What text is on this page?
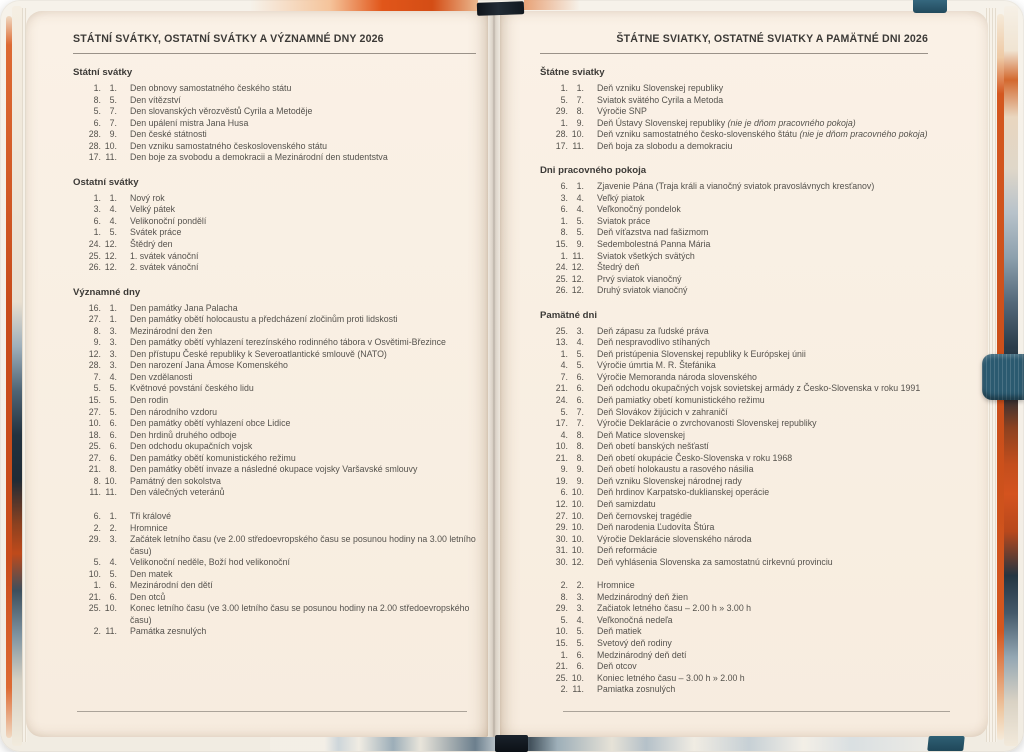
STÁTNÍ SVÁTKY, OSTATNÍ SVÁTKY A VÝZNAMNÉ DNY 2026
Státní svátky
1. 1.	Den obnovy samostatného českého státu
8. 5.	Den vítězství
5. 7.	Den slovanských věrozvěstů Cyrila a Metoděje
6. 7.	Den upálení mistra Jana Husa
28. 9.	Den české státnosti
28. 10.	Den vzniku samostatného československého státu
17. 11.	Den boje za svobodu a demokracii a Mezinárodní den studentstva
Ostatní svátky
1. 1.	Nový rok
3. 4.	Velký pátek
6. 4.	Velikonoční pondělí
1. 5.	Svátek práce
24. 12.	Štědrý den
25. 12.	1. svátek vánoční
26. 12.	2. svátek vánoční
Významné dny
16. 1.	Den památky Jana Palacha
27. 1.	Den památky obětí holocaustu a předcházení zločinům proti lidskosti
8. 3.	Mezinárodní den žen
9. 3.	Den památky obětí vyhlazení terezínského rodinného tábora v Osvětimi-Březince
12. 3.	Den přístupu České republiky k Severoatlantické smlouvě (NATO)
28. 3.	Den narození Jana Ámose Komenského
7. 4.	Den vzdělanosti
5. 5.	Květnové povstání českého lidu
15. 5.	Den rodin
27. 5.	Den národního vzdoru
10. 6.	Den památky obětí vyhlazení obce Lidice
18. 6.	Den hrdinů druhého odboje
25. 6.	Den odchodu okupačních vojsk
27. 6.	Den památky obětí komunistického režimu
21. 8.	Den památky obětí invaze a následné okupace vojsky Varšavské smlouvy
8. 10.	Památný den sokolstva
11. 11.	Den válečných veteránů
6. 1.	Tři králové
2. 2.	Hromnice
29. 3.	Začátek letního času (ve 2.00 středoevropského času se posunou hodiny na 3.00 letního času)
5. 4.	Velikonoční neděle, Boží hod velikonoční
10. 5.	Den matek
1. 6.	Mezinárodní den dětí
21. 6.	Den otců
25. 10.	Konec letního času (ve 3.00 letního času se posunou hodiny na 2.00 středoevropského času)
2. 11.	Památka zesnulých
ŠTÁTNE SVIATKY, OSTATNÉ SVIATKY A PAMÄTNÉ DNI 2026
Štátne sviatky
1. 1.	Deň vzniku Slovenskej republiky
5. 7.	Sviatok svätého Cyrila a Metoda
29. 8.	Výročie SNP
1. 9.	Deň Ústavy Slovenskej republiky (nie je dňom pracovného pokoja)
28. 10.	Deň vzniku samostatného česko-slovenského štátu (nie je dňom pracovného pokoja)
17. 11.	Deň boja za slobodu a demokraciu
Dni pracovného pokoja
6. 1.	Zjavenie Pána (Traja králi a vianočný sviatok pravoslávnych kresťanov)
3. 4.	Veľký piatok
6. 4.	Veľkonočný pondelok
1. 5.	Sviatok práce
8. 5.	Deň víťazstva nad fašizmom
15. 9.	Sedembolestná Panna Mária
1. 11.	Sviatok všetkých svätých
24. 12.	Štedrý deň
25. 12.	Prvý sviatok vianočný
26. 12.	Druhý sviatok vianočný
Pamätné dni
25. 3.	Deň zápasu za ľudské práva
13. 4.	Deň nespravodlivo stíhaných
1. 5.	Deň pristúpenia Slovenskej republiky k Európskej únii
4. 5.	Výročie úmrtia M. R. Štefánika
7. 6.	Výročie Memoranda národa slovenského
21. 6.	Deň odchodu okupačných vojsk sovietskej armády z Česko-Slovenska v roku 1991
24. 6.	Deň pamiatky obetí komunistického režimu
5. 7.	Deň Slovákov žijúcich v zahraničí
17. 7.	Výročie Deklarácie o zvrchovanosti Slovenskej republiky
4. 8.	Deň Matice slovenskej
10. 8.	Deň obetí banských nešťastí
21. 8.	Deň obetí okupácie Česko-Slovenska v roku 1968
9. 9.	Deň obetí holokaustu a rasového násilia
19. 9.	Deň vzniku Slovenskej národnej rady
6. 10.	Deň hrdinov Karpatsko-duklianskej operácie
12. 10.	Deň samizdatu
27. 10.	Deň černovskej tragédie
29. 10.	Deň narodenia Ľudovíta Štúra
30. 10.	Výročie Deklarácie slovenského národa
31. 10.	Deň reformácie
30. 12.	Deň vyhlásenia Slovenska za samostatnú cirkevnú provinciu
2. 2.	Hromnice
8. 3.	Medzinárodný deň žien
29. 3.	Začiatok letného času – 2.00 h » 3.00 h
5. 4.	Veľkonočná nedeľa
10. 5.	Deň matiek
15. 5.	Svetový deň rodiny
1. 6.	Medzinárodný deň detí
21. 6.	Deň otcov
25. 10.	Koniec letného času – 3.00 h » 2.00 h
2. 11.	Pamiatka zosnulých
